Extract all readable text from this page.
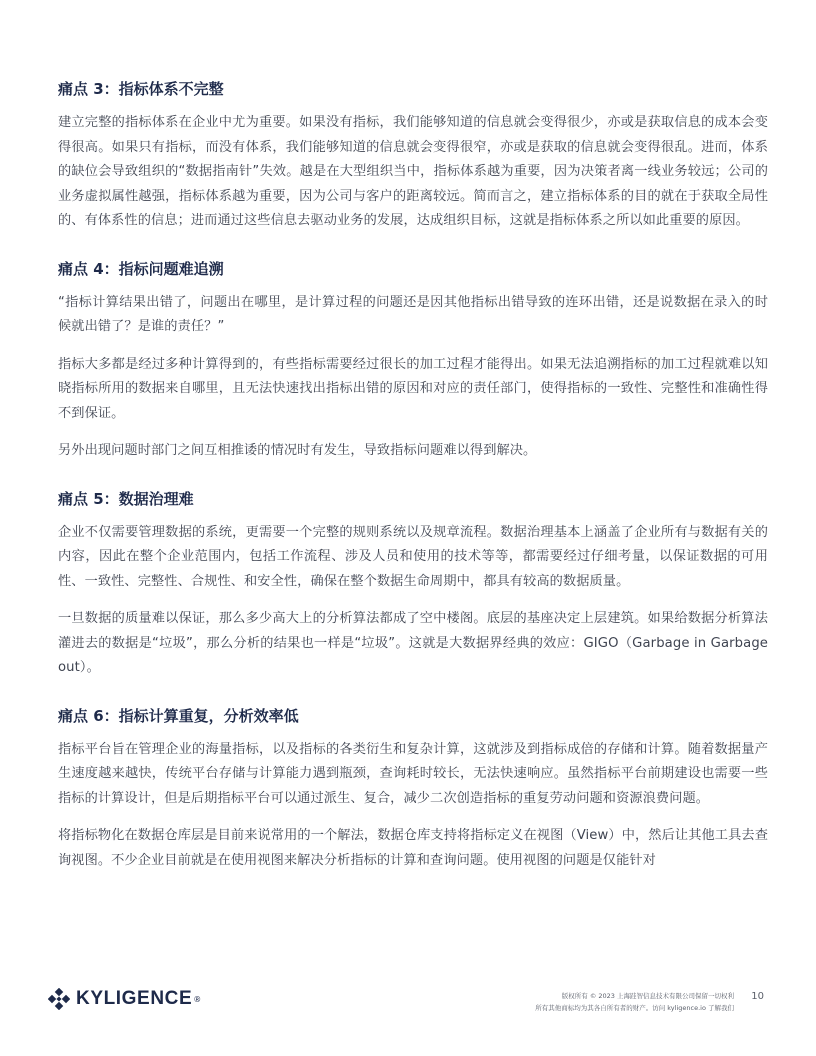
痛点 3：指标体系不完整

建立完整的指标体系在企业中尤为重要。如果没有指标，我们能够知道的信息就会变得很少，亦或是获取信息的成本会变得很高。如果只有指标，而没有体系，我们能够知道的信息就会变得很窄，亦或是获取的信息就会变得很乱。进而，体系的缺位会导致组织的“数据指南针”失效。越是在大型组织当中，指标体系越为重要，因为决策者离一线业务较远；公司的业务虚拟属性越强，指标体系越为重要，因为公司与客户的距离较远。简而言之，建立指标体系的目的就在于获取全局性的、有体系性的信息；进而通过这些信息去驱动业务的发展，达成组织目标，这就是指标体系之所以如此重要的原因。

痛点 4：指标问题难追溯

“指标计算结果出错了，问题出在哪里，是计算过程的问题还是因其他指标出错导致的连环出错，还是说数据在录入的时候就出错了？是谁的责任？”

指标大多都是经过多种计算得到的，有些指标需要经过很长的加工过程才能得出。如果无法追溯指标的加工过程就难以知晓指标所用的数据来自哪里，且无法快速找出指标出错的原因和对应的责任部门，使得指标的一致性、完整性和准确性得不到保证。

另外出现问题时部门之间互相推诿的情况时有发生，导致指标问题难以得到解决。

痛点 5：数据治理难

企业不仅需要管理数据的系统，更需要一个完整的规则系统以及规章流程。数据治理基本上涵盖了企业所有与数据有关的内容，因此在整个企业范围内，包括工作流程、涉及人员和使用的技术等等，都需要经过仔细考量，以保证数据的可用性、一致性、完整性、合规性、和安全性，确保在整个数据生命周期中，都具有较高的数据质量。

一旦数据的质量难以保证，那么多少高大上的分析算法都成了空中楼阁。底层的基座决定上层建筑。如果给数据分析算法灌进去的数据是“垃圾”，那么分析的结果也一样是“垃圾”。这就是大数据界经典的效应：GIGO（Garbage in Garbage out）。

痛点 6：指标计算重复，分析效率低

指标平台旨在管理企业的海量指标，以及指标的各类衍生和复杂计算，这就涉及到指标成倍的存储和计算。随着数据量产生速度越来越快，传统平台存储与计算能力遇到瓶颈，查询耗时较长，无法快速响应。虽然指标平台前期建设也需要一些指标的计算设计，但是后期指标平台可以通过派生、复合，减少二次创造指标的重复劳动问题和资源浪费问题。

将指标物化在数据仓库层是目前来说常用的一个解法，数据仓库支持将指标定义在视图（View）中，然后让其他工具去查询视图。不少企业目前就是在使用视图来解决分析指标的计算和查询问题。使用视图的问题是仅能针对

KYLIGENCE ®	版权所有 © 2023 上海跬智信息技术有限公司保留一切权利
所有其他商标均为其各自所有者的财产。访问 kyligence.io 了解我们
10
